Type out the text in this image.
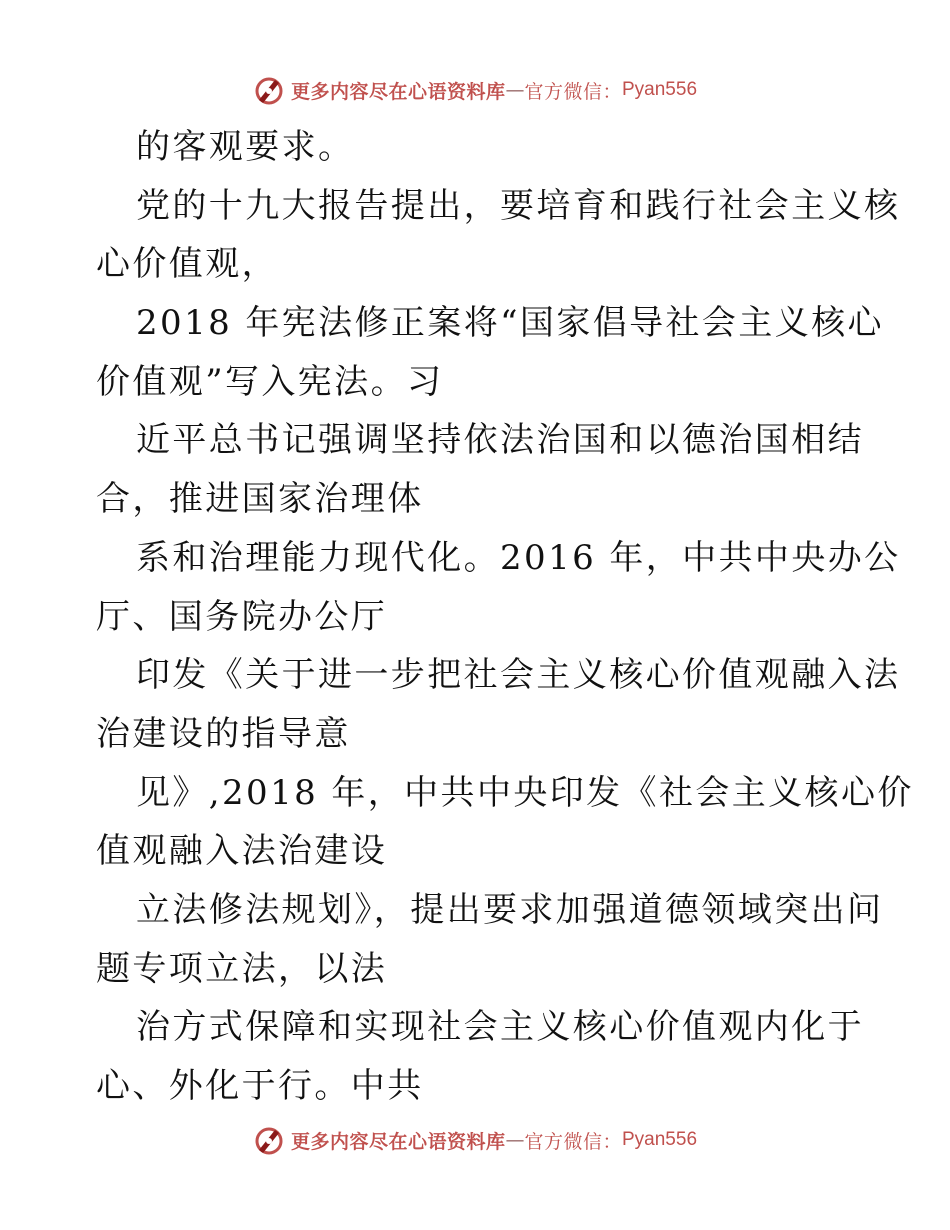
更多内容尽在心语资料库 — 官方微信： Pyan556
的客观要求。
党的十九大报告提出，要培育和践行社会主义核
心价值观，
2018 年宪法修正案将“国家倡导社会主义核心
价值观”写入宪法。习
近平总书记强调坚持依法治国和以德治国相结
合，推进国家治理体
系和治理能力现代化。2016 年，中共中央办公
厅、国务院办公厅
印发《关于进一步把社会主义核心价值观融入法
治建设的指导意
见》,2018 年，中共中央印发《社会主义核心价
值观融入法治建设
立法修法规划》，提出要求加强道德领域突出问
题专项立法，以法
治方式保障和实现社会主义核心价值观内化于
心、外化于行。中共
更多内容尽在心语资料库 — 官方微信： Pyan556
